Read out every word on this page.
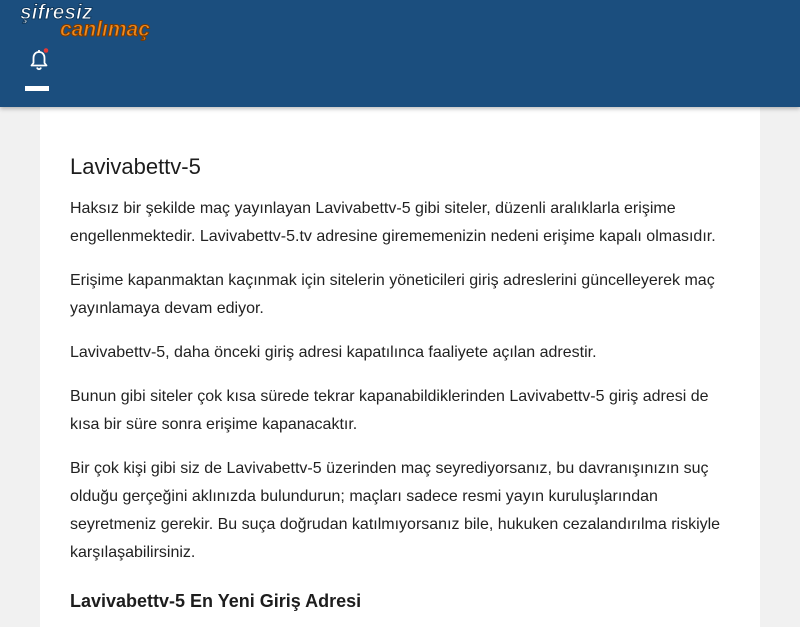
şifresiz
canlımaç
Lavivabettv-5

Haksız bir şekilde maç yayınlayan Lavivabettv-5 gibi siteler, düzenli aralıklarla erişime engellenmektedir. Lavivabettv-5.tv adresine girememenizin nedeni erişime kapalı olmasıdır.

Erişime kapanmaktan kaçınmak için sitelerin yöneticileri giriş adreslerini güncelleyerek maç yayınlamaya devam ediyor.

Lavivabettv-5, daha önceki giriş adresi kapatılınca faaliyete açılan adrestir.

Bunun gibi siteler çok kısa sürede tekrar kapanabildiklerinden Lavivabettv-5 giriş adresi de kısa bir süre sonra erişime kapanacaktır.

Bir çok kişi gibi siz de Lavivabettv-5 üzerinden maç seyrediyorsanız, bu davranışınızın suç olduğu gerçeğini aklınızda bulundurun; maçları sadece resmi yayın kuruluşlarından seyretmeniz gerekir. Bu suça doğrudan katılmıyorsanız bile, hukuken cezalandırılma riskiyle karşılaşabilirsiniz.

Lavivabettv-5 En Yeni Giriş Adresi
